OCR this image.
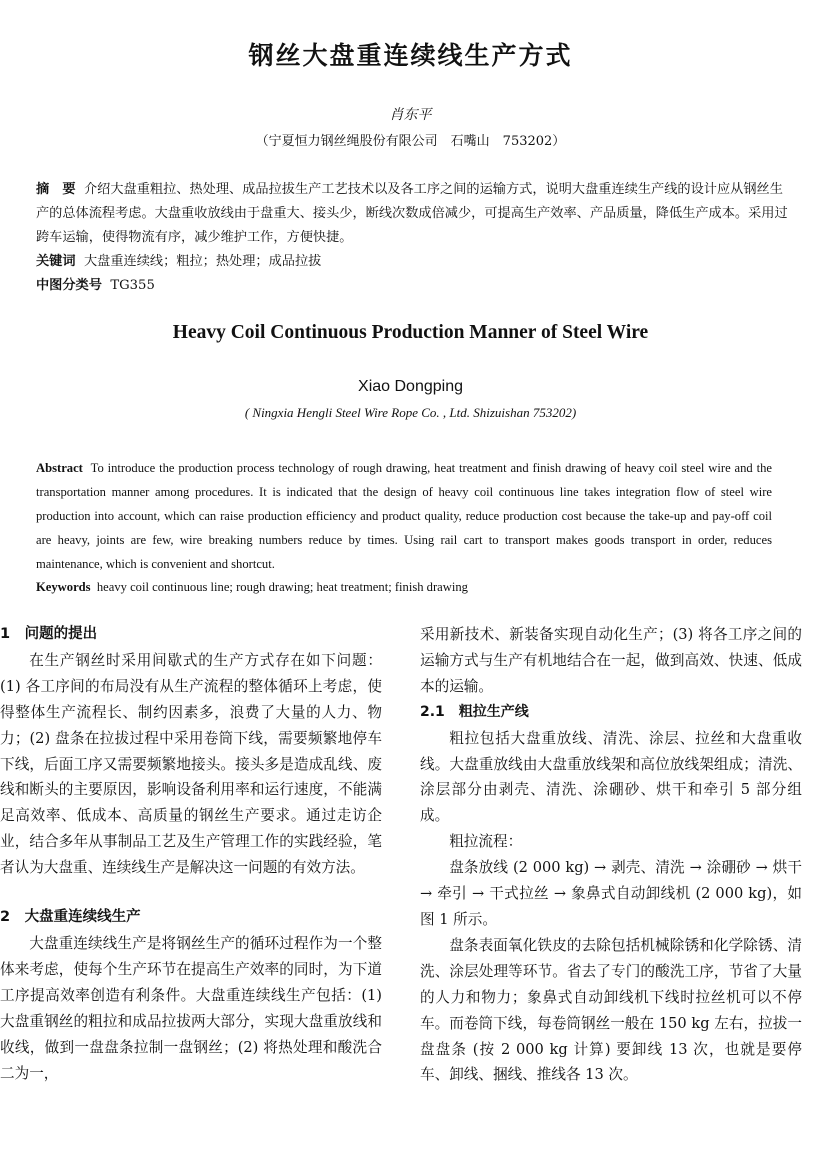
钢丝大盘重连续线生产方式
肖东平
（宁夏恒力钢丝绳股份有限公司　石嘴山　753202）
摘　要 介绍大盘重粗拉、热处理、成品拉拔生产工艺技术以及各工序之间的运输方式，说明大盘重连续生产线的设计应从钢丝生产的总体流程考虑。大盘重收放线由于盘重大、接头少，断线次数成倍减少，可提高生产效率、产品质量，降低生产成本。采用过跨车运输，使得物流有序，减少维护工作，方便快捷。
关键词 大盘重连续线；粗拉；热处理；成品拉拔
中图分类号 TG355
Heavy Coil Continuous Production Manner of Steel Wire
Xiao Dongping
( Ningxia Hengli Steel Wire Rope Co. , Ltd. Shizuishan 753202)
Abstract To introduce the production process technology of rough drawing, heat treatment and finish drawing of heavy coil steel wire and the transportation manner among procedures. It is indicated that the design of heavy coil continuous line takes integration flow of steel wire production into account, which can raise production efficiency and product quality, reduce production cost because the take-up and pay-off coil are heavy, joints are few, wire breaking numbers reduce by times. Using rail cart to transport makes goods transport in order, reduces maintenance, which is convenient and shortcut.
Keywords heavy coil continuous line; rough drawing; heat treatment; finish drawing

1　问题的提出

在生产钢丝时采用间歇式的生产方式存在如下问题：(1) 各工序间的布局没有从生产流程的整体循环上考虑，使得整体生产流程长、制约因素多，浪费了大量的人力、物力；(2) 盘条在拉拔过程中采用卷筒下线，需要频繁地停车下线，后面工序又需要频繁地接头。接头多是造成乱线、废线和断头的主要原因，影响设备利用率和运行速度，不能满足高效率、低成本、高质量的钢丝生产要求。通过走访企业，结合多年从事制品工艺及生产管理工作的实践经验，笔者认为大盘重、连续线生产是解决这一问题的有效方法。

2　大盘重连续线生产

大盘重连续线生产是将钢丝生产的循环过程作为一个整体来考虑，使每个生产环节在提高生产效率的同时，为下道工序提高效率创造有利条件。大盘重连续线生产包括：(1) 大盘重钢丝的粗拉和成品拉拔两大部分，实现大盘重放线和收线，做到一盘盘条拉制一盘钢丝；(2) 将热处理和酸洗合二为一，

采用新技术、新装备实现自动化生产；(3) 将各工序之间的运输方式与生产有机地结合在一起，做到高效、快速、低成本的运输。

2.1　粗拉生产线

粗拉包括大盘重放线、清洗、涂层、拉丝和大盘重收线。大盘重放线由大盘重放线架和高位放线架组成；清洗、涂层部分由剥壳、清洗、涂硼砂、烘干和牵引 5 部分组成。

粗拉流程：

盘条放线 (2 000 kg) → 剥壳、清洗 → 涂硼砂 → 烘干 → 牵引 → 干式拉丝 → 象鼻式自动卸线机 (2 000 kg)，如图 1 所示。

盘条表面氧化铁皮的去除包括机械除锈和化学除锈、清洗、涂层处理等环节。省去了专门的酸洗工序，节省了大量的人力和物力；象鼻式自动卸线机下线时拉丝机可以不停车。而卷筒下线，每卷筒钢丝一般在 150 kg 左右，拉拔一盘盘条 (按 2 000 kg 计算) 要卸线 13 次，也就是要停车、卸线、捆线、推线各 13 次。
